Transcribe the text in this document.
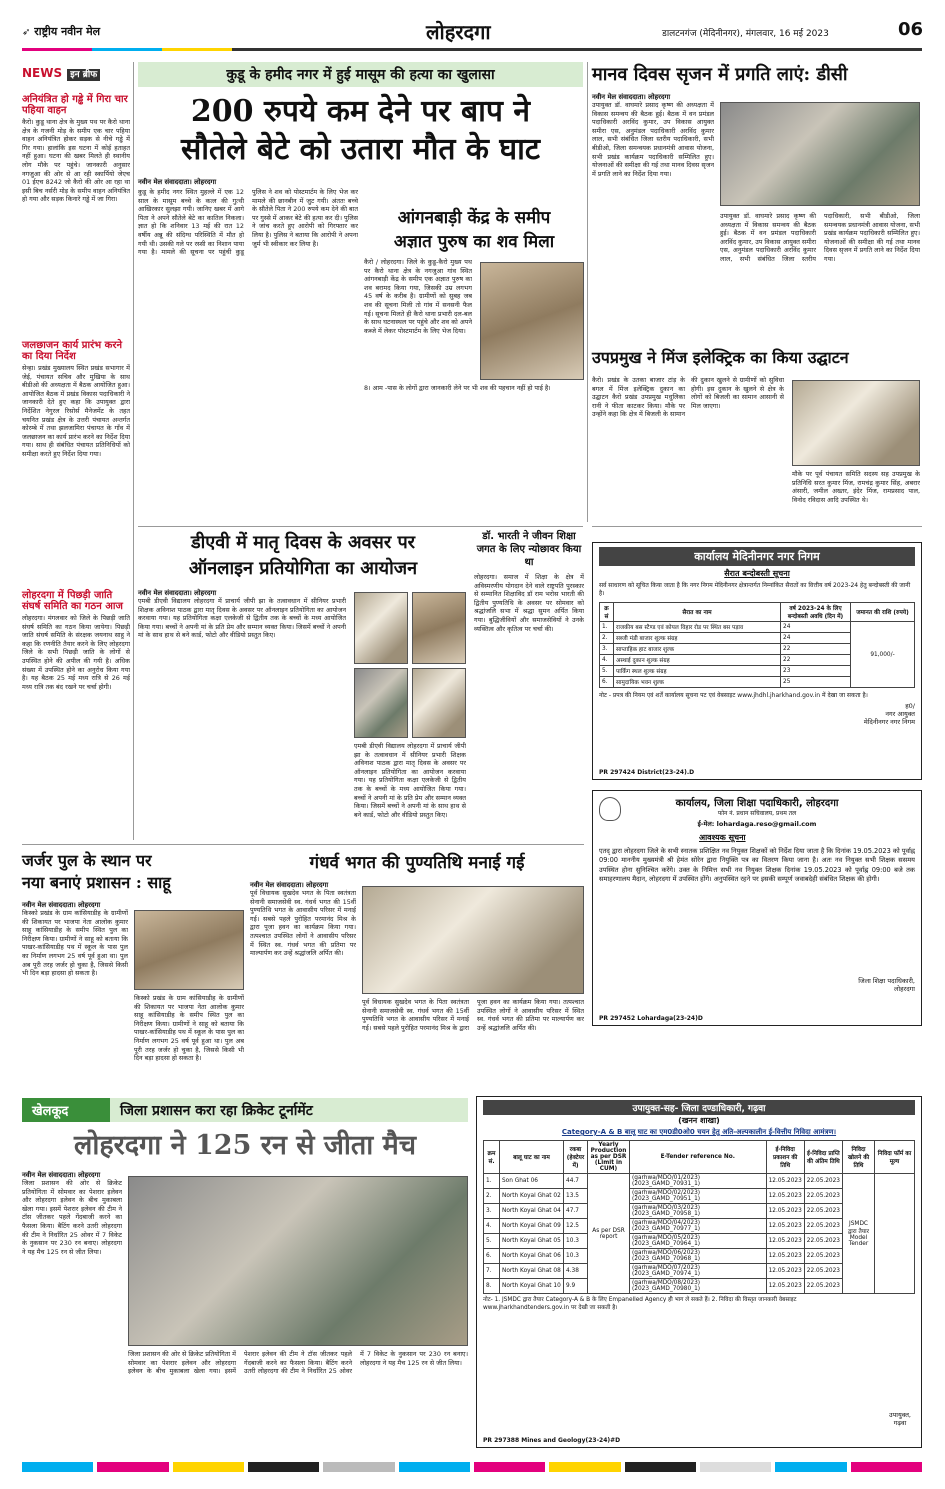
➶ राष्ट्रीय नवीन मेल	लोहरदगा	डालटनगंज (मेदिनीनगर), मंगलवार, 16 मई 2023	06
NEWS इन ब्रीफ
अनियंत्रित हो गड्ढे में गिरा चार पहिया वाहन
कैरो। कुडू थाना क्षेत्र के मुख्य पथ पर कैरो थाना क्षेत्र के गजनी मोड़ के समीप एक चार पहिया वाहन अनियंत्रित होकर सड़क से नीचे गड्ढे में गिर गया। हालांकि इस घटना में कोई हताहत नहीं हुआ। घटना की खबर मिलते ही स्थानीय लोग मौके पर पहुंचे। जानकारी अनुसार नगजुआ की ओर से आ रही स्कार्पियो जेएच 01 ईएच 8242 जो कैरो की ओर आ रहा था इसी बिच नर्सरी मोड़ के समीप वाहन अनियंत्रित हो गया और सड़क किनारे गड्ढे में जा गिरा।
जलछाजन कार्य प्रारंभ करने का दिया निर्देश
सेन्हा। प्रखंड मुख्यालय स्थित प्रखंड सभागार में जेई, पंचायत सचिव और मुखिया के साथ बीडीओ की अध्यक्षता में बैठक आयोजित हुआ। आयोजित बैठक में प्रखंड विकास पदाधिकारी ने जानकारी देते हुए कहा कि उपायुक्त द्वारा निर्देशित नेगुरल रिसोर्स मैनेजमेंट के तहत चयनित प्रखंड क्षेत्र के उत्तरी पंचायत अन्तर्गत कोरम्बे में तथा झलजामिरा पंचायत के गाँव में जलछाजन का कार्य प्रारंभ करने का निर्देश दिया गया। साथ ही संबंधित पंचायत प्रतिनिधियों को समीक्षा करते हुए निर्देश दिया गया।
लोहरदगा में पिछड़ी जाति संघर्ष समिति का गठन आज
लोहरदगा। मंगलवार को जिले के पिछड़ी जाति संघर्ष समिति का गठन किया जायेगा। पिछड़ी जाति संघर्ष समिति के संरक्षक जयनाथ साहु ने कहा कि रणनीति तैयार करने के लिए लोहरदगा जिले के सभी पिछड़ी जाति के लोगों से उपस्थित होने की अपील की गयी है। अधिक संख्या में उपस्थित होने का अनुरोध किया गया है। यह बैठक 25 मई मध्य रात्रि से 26 मई मध्य रात्रि तक बंद रखने पर चर्चा होगी।
कुडू के हमीद नगर में हुई मासूम की हत्या का खुलासा
200 रुपये कम देने पर बाप ने
सौतेले बेटे को उतारा मौत के घाट
नवीन मेल संवाददाता। लोहरदगा
कुडू के हमीद नगर स्थित मुहल्ले में एक 12 साल के मासूम बच्चे के कत्ल की गुत्थी आखिरकार सुलझा गयी। जानिए खबर में आगे पिता ने अपने सौतेले बेटे का कातिल निकला। ज्ञात हो कि शनिवार 13 मई की रात 12 वर्षीय अन्नू की संदिग्ध परिस्थिति में मौत हो गयी थी। उसकी गले पर रस्सी का निशान पाया गया है। मामले की सूचना पर पहुंची कुडू पुलिस ने शव को पोस्टमार्टम के लिए भेज कर मामले की छानबीन में जुट गयी। अंततः बच्चे के सौतेले पिता ने 200 रुपये कम देने की बात पर गुस्से में आकर बेटे की हत्या कर दी। पुलिस ने जांच करते हुए आरोपी को गिरफ्तार कर लिया है। पुलिस ने बताया कि आरोपी ने अपना जुर्म भी स्वीकार कर लिया है।
आंगनबाड़ी केंद्र के समीप
अज्ञात पुरुष का शव मिला
कैरो / लोहरदगा। जिले के कुडू-कैरो मुख्य पथ पर कैरो थाना क्षेत्र के नगजुआ गांव स्थित आंगनबाड़ी केंद्र के समीप एक अज्ञात पुरुष का शव बरामद किया गया, जिसकी उम्र लगभग 45 वर्ष के करीब है। ग्रामीणों को सुबह जब शव की सूचना मिली तो गांव में सनसनी फैल गई। सूचना मिलते ही कैरो थाना प्रभारी दल-बल के साथ घटनास्थल पर पहुंचे और शव को अपने कब्जे में लेकर पोस्टमार्टम के लिए भेज दिया।
8। आम -पास के लोगों द्वारा जानकारी लेने पर भी शव की पहचान नहीं हो पाई है।
मानव दिवस सृजन में प्रगति लाएं: डीसी
नवीन मेल संवाददाता। लोहरदगा
उपायुक्त डॉ. वाघमारे प्रसाद कृष्ण की अध्यक्षता में विकास समन्वय की बैठक हुई। बैठक में वन प्रमंडल पदाधिकारी अरविंद कुमार, उप विकास आयुक्त समीरा एस, अनुमंडल पदाधिकारी अरविंद कुमार लाल, सभी संबंधित जिला स्तरीय पदाधिकारी, सभी बीडीओ, जिला समन्वयक प्रधानमंत्री आवास योजना, सभी प्रखंड कार्यक्रम पदाधिकारी सम्मिलित हुए। योजनाओं की समीक्षा की गई तथा मानव दिवस सृजन में प्रगति लाने का निर्देश दिया गया।
उपायुक्त डॉ. वाघमारे प्रसाद कृष्ण की अध्यक्षता में विकास समन्वय की बैठक हुई। बैठक में वन प्रमंडल पदाधिकारी अरविंद कुमार, उप विकास आयुक्त समीरा एस, अनुमंडल पदाधिकारी अरविंद कुमार लाल, सभी संबंधित जिला स्तरीय पदाधिकारी, सभी बीडीओ, जिला समन्वयक प्रधानमंत्री आवास योजना, सभी प्रखंड कार्यक्रम पदाधिकारी सम्मिलित हुए। योजनाओं की समीक्षा की गई तथा मानव दिवस सृजन में प्रगति लाने का निर्देश दिया गया।
उपप्रमुख ने मिंज इलेक्ट्रिक का किया उद्घाटन
कैरो। प्रखंड के उतका बाजार टांड़ के बगल में मिंज इलेक्ट्रिक दुकान का उद्घाटन कैरो प्रखंड उपप्रमुख मधुलिका रानी ने फीता काटकर किया। मौके पर उन्होंने कहा कि क्षेत्र में बिजली के सामान की दुकान खुलने से ग्रामीणों को सुविधा होगी। इस दुकान के खुलने से क्षेत्र के लोगों को बिजली का सामान आसानी से मिल जाएगा।
मौके पर पूर्व पंचायत समिति सदस्य सह उपप्रमुख के प्रतिनिधि सरत कुमार मिंज, रामचंद्र कुमार सिंह, अबरार अंसारी, जमील अख्तर, इंदेर मिंज, रामप्रसाद पाल, विनोद रविदास आदि उपस्थित थे।
डीएवी में मातृ दिवस के अवसर पर
ऑनलाइन प्रतियोगिता का आयोजन
नवीन मेल संवाददाता। लोहरदगा
एमबी डीएवी विद्यालय लोहरदगा में प्राचार्य जीपी झा के तत्वावधान में सीनियर प्रभारी शिक्षक अविनाश पाठक द्वारा मातृ दिवस के अवसर पर ऑनलाइन प्रतियोगिता का आयोजन करवाया गया। यह प्रतियोगिता कक्षा एलकेजी से द्वितीय तक के बच्चों के मध्य आयोजित किया गया। बच्चों ने अपनी मां के प्रति प्रेम और सम्मान व्यक्त किया। जिसमें बच्चों ने अपनी मां के साथ हाथ से बने कार्ड, फोटो और वीडियो प्रस्तुत किए।
एमबी डीएवी विद्यालय लोहरदगा में प्राचार्य जीपी झा के तत्वावधान में सीनियर प्रभारी शिक्षक अविनाश पाठक द्वारा मातृ दिवस के अवसर पर ऑनलाइन प्रतियोगिता का आयोजन करवाया गया। यह प्रतियोगिता कक्षा एलकेजी से द्वितीय तक के बच्चों के मध्य आयोजित किया गया। बच्चों ने अपनी मां के प्रति प्रेम और सम्मान व्यक्त किया। जिसमें बच्चों ने अपनी मां के साथ हाथ से बने कार्ड, फोटो और वीडियो प्रस्तुत किए।
डॉ. भारती ने जीवन शिक्षा जगत के लिए न्योछावर किया था
लोहरदगा। समाज में शिक्षा के क्षेत्र में अविस्मरणीय योगदान देने वाले राष्ट्रपति पुरस्कार से सम्मानित शिक्षाविद डॉ राम भरोस भारती की द्वितीय पुण्यतिथि के अवसर पर सोमवार को श्रद्धांजलि सभा में श्रद्धा सुमन अर्पित किया गया। बुद्धिजीवियों और समाजसेवियों ने उनके व्यक्तित्व और कृतित्व पर चर्चा की।
कार्यालय मेदिनीनगर नगर निगम
सैरात बन्दोबस्ती सूचना
सर्व साधारण को सूचित किया जाता है कि नगर निगम मेदिनीनगर क्षेत्रान्तर्गत निम्नांकित सैरातों का वित्तीय वर्ष 2023-24 हेतु बन्दोबस्ती की जानी है।
क्र सं	सैरात का नाम	वर्ष 2023-24 के लिए बन्दोबस्ती अवधि (दिन में)	जमानत की राशि (रुपये)
1.	राजकीय बस स्टैण्ड एवं कोयल विहार रोड पर स्थित बस पड़ाव	24	91,000/-
2.	सब्जी मंडी बाजार शुल्क संग्रह	24	
3.	साप्ताहिक हाट बाजार शुल्क	22	
4.	अस्थाई दुकान शुल्क संग्रह	22	
5.	पार्किंग स्थल शुल्क संग्रह	23	
6.	सामुदायिक भवन शुल्क	25	
नोट - प्रपत्र की नियम एवं शर्तें कार्यालय सूचना पट एवं वेबसाइट www.jhdhl.jharkhand.gov.in में देखा जा सकता है।
ह0/
नगर आयुक्त
मेदिनीनगर नगर निगम
PR 297424 District(23-24).D
कार्यालय, जिला शिक्षा पदाधिकारी, लोहरदगा
फोन नं. प्रधान सचिवालय, प्रथम तल
ई-मेल: lohardaga.reso@gmail.com
आवश्यक सूचना
एतद् द्वारा लोहरदगा जिले के सभी स्नातक प्रशिक्षित नव नियुक्त शिक्षकों को निर्देश दिया जाता है कि दिनांक 19.05.2023 को पूर्वाह्न 09:00 माननीय मुख्यमंत्री श्री हेमंत सोरेन द्वारा नियुक्ति पत्र का वितरण किया जाना है। अतः नव नियुक्त सभी शिक्षक ससमय उपस्थित होना सुनिश्चित करेंगे। उक्त के निमित्त सभी नव नियुक्त शिक्षक दिनांक 19.05.2023 को पूर्वाह्न 09:00 बजे तक समाहरणालय मैदान, लोहरदगा में उपस्थित होंगे। अनुपस्थित रहने पर इसकी सम्पूर्ण जवाबदेही संबंधित शिक्षक की होगी।
जिला शिक्षा पदाधिकारी,
लोहरदगा
PR 297452 Lohardaga(23-24)D
जर्जर पुल के स्थान पर
नया बनाएं प्रशासन : साहू
नवीन मेल संवाददाता। लोहरदगा
किस्को प्रखंड के ग्राम कांसियाडीह के ग्रामीणों की शिकायत पर भाजपा नेता आलोक कुमार साहू कांसियाडीह के समीप स्थित पुल का निरीक्षण किया। ग्रामीणों ने साहू को बताया कि पाखर-कांसियाडीह पथ में स्कूल के पास पुल का निर्माण लगभग 25 वर्ष पूर्व हुआ था। पुल अब पूरी तरह जर्जर हो चुका है, जिससे किसी भी दिन बड़ा हादसा हो सकता है।
किस्को प्रखंड के ग्राम कांसियाडीह के ग्रामीणों की शिकायत पर भाजपा नेता आलोक कुमार साहू कांसियाडीह के समीप स्थित पुल का निरीक्षण किया। ग्रामीणों ने साहू को बताया कि पाखर-कांसियाडीह पथ में स्कूल के पास पुल का निर्माण लगभग 25 वर्ष पूर्व हुआ था। पुल अब पूरी तरह जर्जर हो चुका है, जिससे किसी भी दिन बड़ा हादसा हो सकता है।
गंधर्व भगत की पुण्यतिथि मनाई गई
नवीन मेल संवाददाता। लोहरदगा
पूर्व विधायक सुखदेव भगत के पिता स्वतंत्रता सेनानी समाजसेवी स्व. गंधर्व भगत की 15वीं पुण्यतिथि भगत के आवासीय परिसर में मनाई गई। सबसे पहले पुरोहित परमानंद मिश्र के द्वारा पूजा हवन का कार्यक्रम किया गया। तत्पश्चात उपस्थित लोगों ने आवासीय परिसर में स्थित स्व. गंधर्व भगत की प्रतिमा पर माल्यार्पण कर उन्हें श्रद्धांजलि अर्पित की।
पूर्व विधायक सुखदेव भगत के पिता स्वतंत्रता सेनानी समाजसेवी स्व. गंधर्व भगत की 15वीं पुण्यतिथि भगत के आवासीय परिसर में मनाई गई। सबसे पहले पुरोहित परमानंद मिश्र के द्वारा पूजा हवन का कार्यक्रम किया गया। तत्पश्चात उपस्थित लोगों ने आवासीय परिसर में स्थित स्व. गंधर्व भगत की प्रतिमा पर माल्यार्पण कर उन्हें श्रद्धांजलि अर्पित की।
खेलकूद	जिला प्रशासन करा रहा क्रिकेट टूर्नामेंट
लोहरदगा ने 125 रन से जीता मैच
नवीन मेल संवाददाता। लोहरदगा
जिला प्रशासन की ओर से क्रिकेट प्रतियोगिता में सोमवार का पेशरार इलेवन और लोहरदगा इलेवन के बीच मुकाबला खेला गया। इसमें पेशरार इलेवन की टीम ने टॉस जीतकर पहले गेंदबाजी करने का फैसला किया। बैटिंग करने उतरी लोहरदगा की टीम ने निर्धारित 25 ओवर में 7 विकेट के नुकसान पर 230 रन बनाए। लोहरदगा ने यह मैच 125 रन से जीत लिया।
जिला प्रशासन की ओर से क्रिकेट प्रतियोगिता में सोमवार का पेशरार इलेवन और लोहरदगा इलेवन के बीच मुकाबला खेला गया। इसमें पेशरार इलेवन की टीम ने टॉस जीतकर पहले गेंदबाजी करने का फैसला किया। बैटिंग करने उतरी लोहरदगा की टीम ने निर्धारित 25 ओवर में 7 विकेट के नुकसान पर 230 रन बनाए। लोहरदगा ने यह मैच 125 रन से जीत लिया।
उपायुक्त-सह- जिला दण्डाधिकारी, गढ़वा
(खनन शाखा)
Category-A & B बालू घाट का एम0डी0ओ0 चयन हेतु अति-अल्पकालीन ई-वित्तीय निविदा आमंत्रण।
क्रम सं.	बालू घाट का नाम	रकबा (हेक्टेयर में)	Yearly Production as per DSR (Limit in CUM)	E-Tender reference No.	ई-निविदा प्रकाशन की तिथि	ई-निविदा प्राप्ति की अंतिम तिथि	निविदा खोलने की तिथि	निविदा फॉर्म का मूल्य
1.	Son Ghat 06	44.7	As per DSR report	(garhwa/MDO/01/2023)(2023_GAMD_70931_1)	12.05.2023	22.05.2023	JSMDC द्वारा तैयार Model Tender	
2.	North Koyal Ghat 02	13.5		(garhwa/MDO/02/2023)(2023_GAMD_70951_1)	12.05.2023	22.05.2023		
3.	North Koyal Ghat 04	47.7		(garhwa/MDO/03/2023)(2023_GAMD_70958_1)	12.05.2023	22.05.2023		
4.	North Koyal Ghat 09	12.5		(garhwa/MDO/04/2023)(2023_GAMD_70977_1)	12.05.2023	22.05.2023		
5.	North Koyal Ghat 05	10.3		(garhwa/MDO/05/2023)(2023_GAMD_70964_1)	12.05.2023	22.05.2023		
6.	North Koyal Ghat 06	10.3		(garhwa/MDO/06/2023)(2023_GAMD_70968_1)	12.05.2023	22.05.2023		
7.	North Koyal Ghat 08	4.38		(garhwa/MDO/07/2023)(2023_GAMD_70974_1)	12.05.2023	22.05.2023		
8.	North Koyal Ghat 10	9.9		(garhwa/MDO/08/2023)(2023_GAMD_70980_1)	12.05.2023	22.05.2023		
नोट- 1. JSMDC द्वारा तैयार Category-A & B के लिए Empanelled Agency ही भाग ले सकते हैं। 2. निविदा की विस्तृत जानकारी वेबसाइट www.jharkhandtenders.gov.in पर देखी जा सकती है।
उपायुक्त,
गढ़वा
PR 297388 Mines and Geology(23-24)#D
